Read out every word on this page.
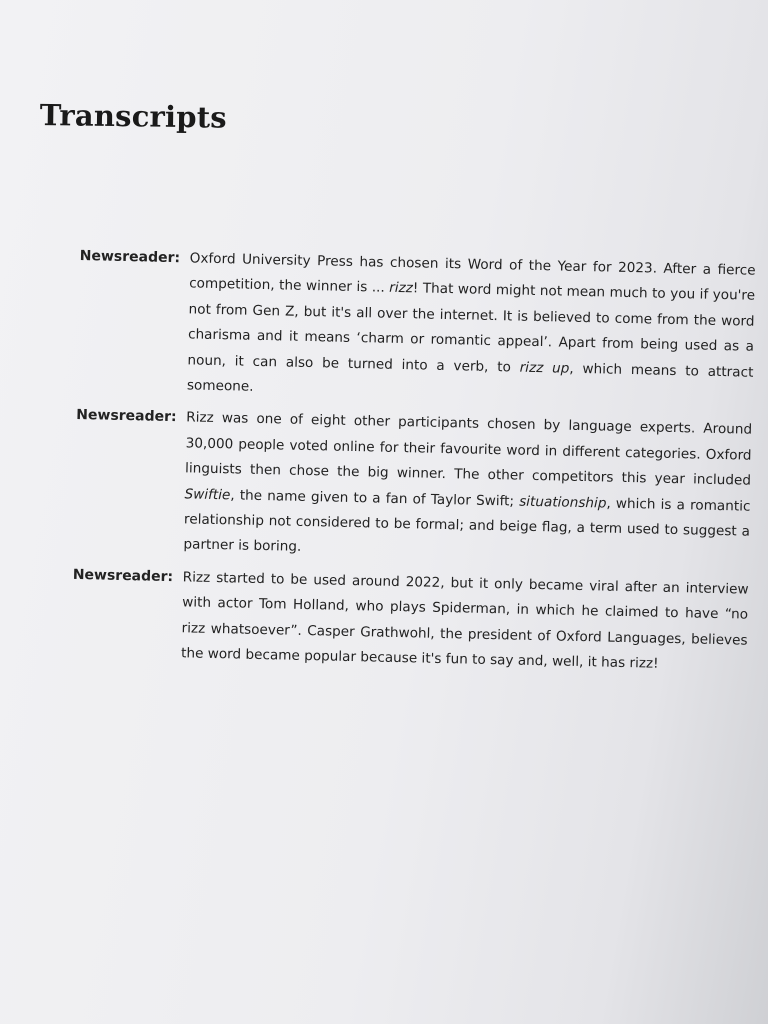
Transcripts
Newsreader: Oxford University Press has chosen its Word of the Year for 2023. After a fierce competition, the winner is ... rizz! That word might not mean much to you if you're not from Gen Z, but it's all over the internet. It is believed to come from the word charisma and it means ‘charm or romantic appeal’. Apart from being used as a noun, it can also be turned into a verb, to rizz up, which means to attract someone.

Newsreader: Rizz was one of eight other participants chosen by language experts. Around 30,000 people voted online for their favourite word in different categories. Oxford linguists then chose the big winner. The other competitors this year included Swiftie, the name given to a fan of Taylor Swift; situationship, which is a romantic relationship not considered to be formal; and beige flag, a term used to suggest a partner is boring.

Newsreader: Rizz started to be used around 2022, but it only became viral after an interview with actor Tom Holland, who plays Spiderman, in which he claimed to have “no rizz whatsoever”. Casper Grathwohl, the president of Oxford Languages, believes the word became popular because it's fun to say and, well, it has rizz!
